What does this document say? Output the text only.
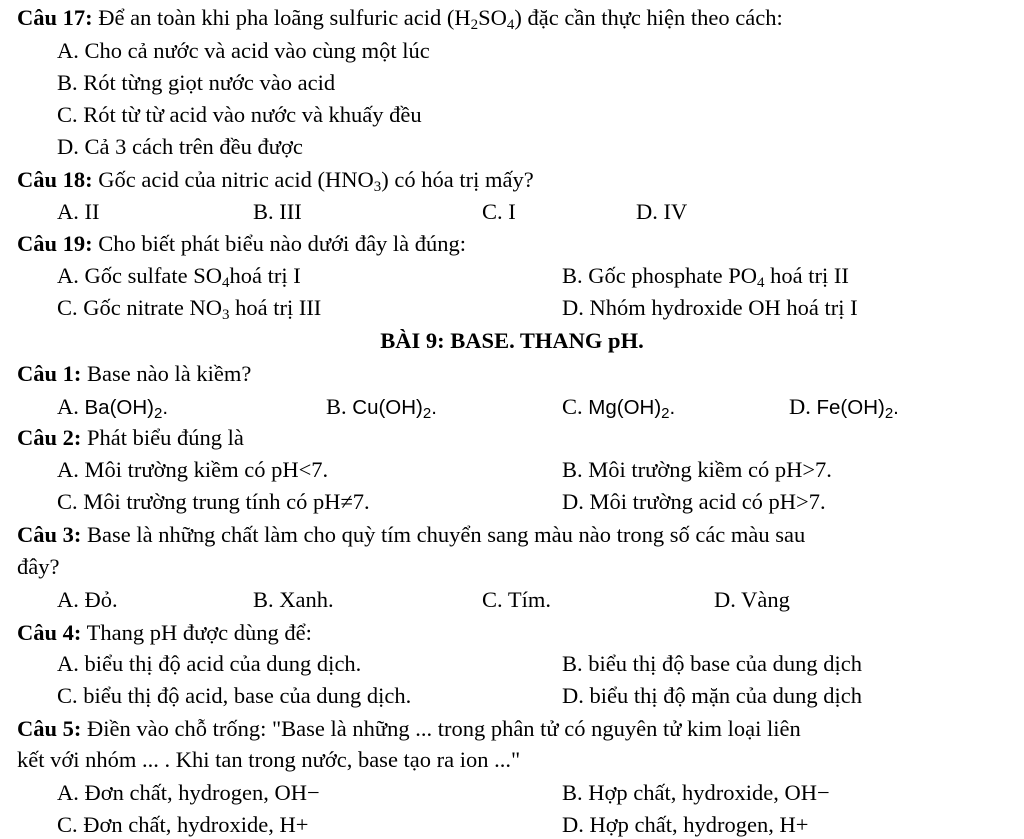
Câu 17: Để an toàn khi pha loãng sulfuric acid $(H_2SO_4)$ đặc cần thực hiện theo cách:
A. Cho cả nước và acid vào cùng một lúc
B. Rót từng giọt nước vào acid
C. Rót từ từ acid vào nước và khuấy đều
D. Cả 3 cách trên đều được
Câu 18: Gốc acid của nitric acid $(HNO_3)$ có hóa trị mấy?
A. II	B. III	C. I	D. IV
Câu 19: Cho biết phát biểu nào dưới đây là đúng:
A. Gốc sulfate $SO_4hoá$ trị I	B. Gốc phosphate $PO_4$ hoá trị II
C. Gốc nitrate $NO_3$ hoá trị III	D. Nhóm hydroxide OH hoá trị I
BÀI 9: BASE. THANG pH.
Câu 1: Base nào là kiềm?
A. $Ba(OH)_2$.	B. $Cu(OH)_2$.	C. $Mg(OH)_2$.	D. $Fe(OH)_2$.
Câu 2: Phát biểu đúng là
A. Môi trường kiềm có pH<7.	B. Môi trường kiềm có pH>7.
C. Môi trường trung tính có pH≠7.	D. Môi trường acid có pH>7.
Câu 3: Base là những chất làm cho quỳ tím chuyển sang màu nào trong số các màu sau
đây?
A. Đỏ.	B. Xanh.	C. Tím.	D. Vàng
Câu 4: Thang pH được dùng để:
A. biểu thị độ acid của dung dịch.	B. biểu thị độ base của dung dịch
C. biểu thị độ acid, base của dung dịch.	D. biểu thị độ mặn của dung dịch
Câu 5: Điền vào chỗ trống: "Base là những ... trong phân tử có nguyên tử kim loại liên
kết với nhóm ... . Khi tan trong nước, base tạo ra ion ..."
A. Đơn chất, hydrogen, OH−	B. Hợp chất, hydroxide, OH−
C. Đơn chất, hydroxide, H+	D. Hợp chất, hydrogen, H+
